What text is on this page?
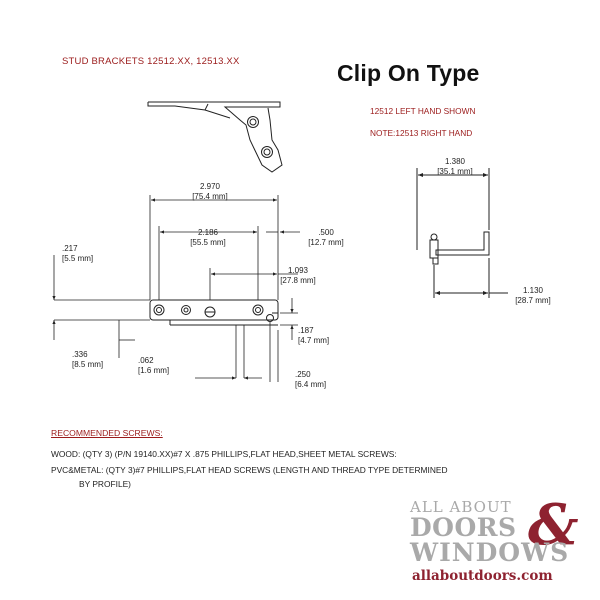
STUD BRACKETS 12512.XX, 12513.XX	Clip On Type
12512 LEFT HAND SHOWN
NOTE:12513 RIGHT HAND
2.970
[75.4 mm]
2.186
[55.5 mm]
.500
[12.7 mm]
.217
[5.5 mm]
1.093
[27.8 mm]
.187
[4.7 mm]
.336
[8.5 mm]	.062
[1.6 mm]	.250
[6.4 mm]
1.380
[35.1 mm]
1.130
[28.7 mm]
RECOMMENDED SCREWS:
WOOD: (QTY 3) (P/N 19140.XX)#7 X .875 PHILLIPS,FLAT HEAD,SHEET METAL SCREWS:
PVC&METAL: (QTY 3)#7 PHILLIPS,FLAT HEAD SCREWS (LENGTH AND THREAD TYPE DETERMINED
BY PROFILE)
ALL ABOUT
DOORS &
WINDOWS
allaboutdoors.com
